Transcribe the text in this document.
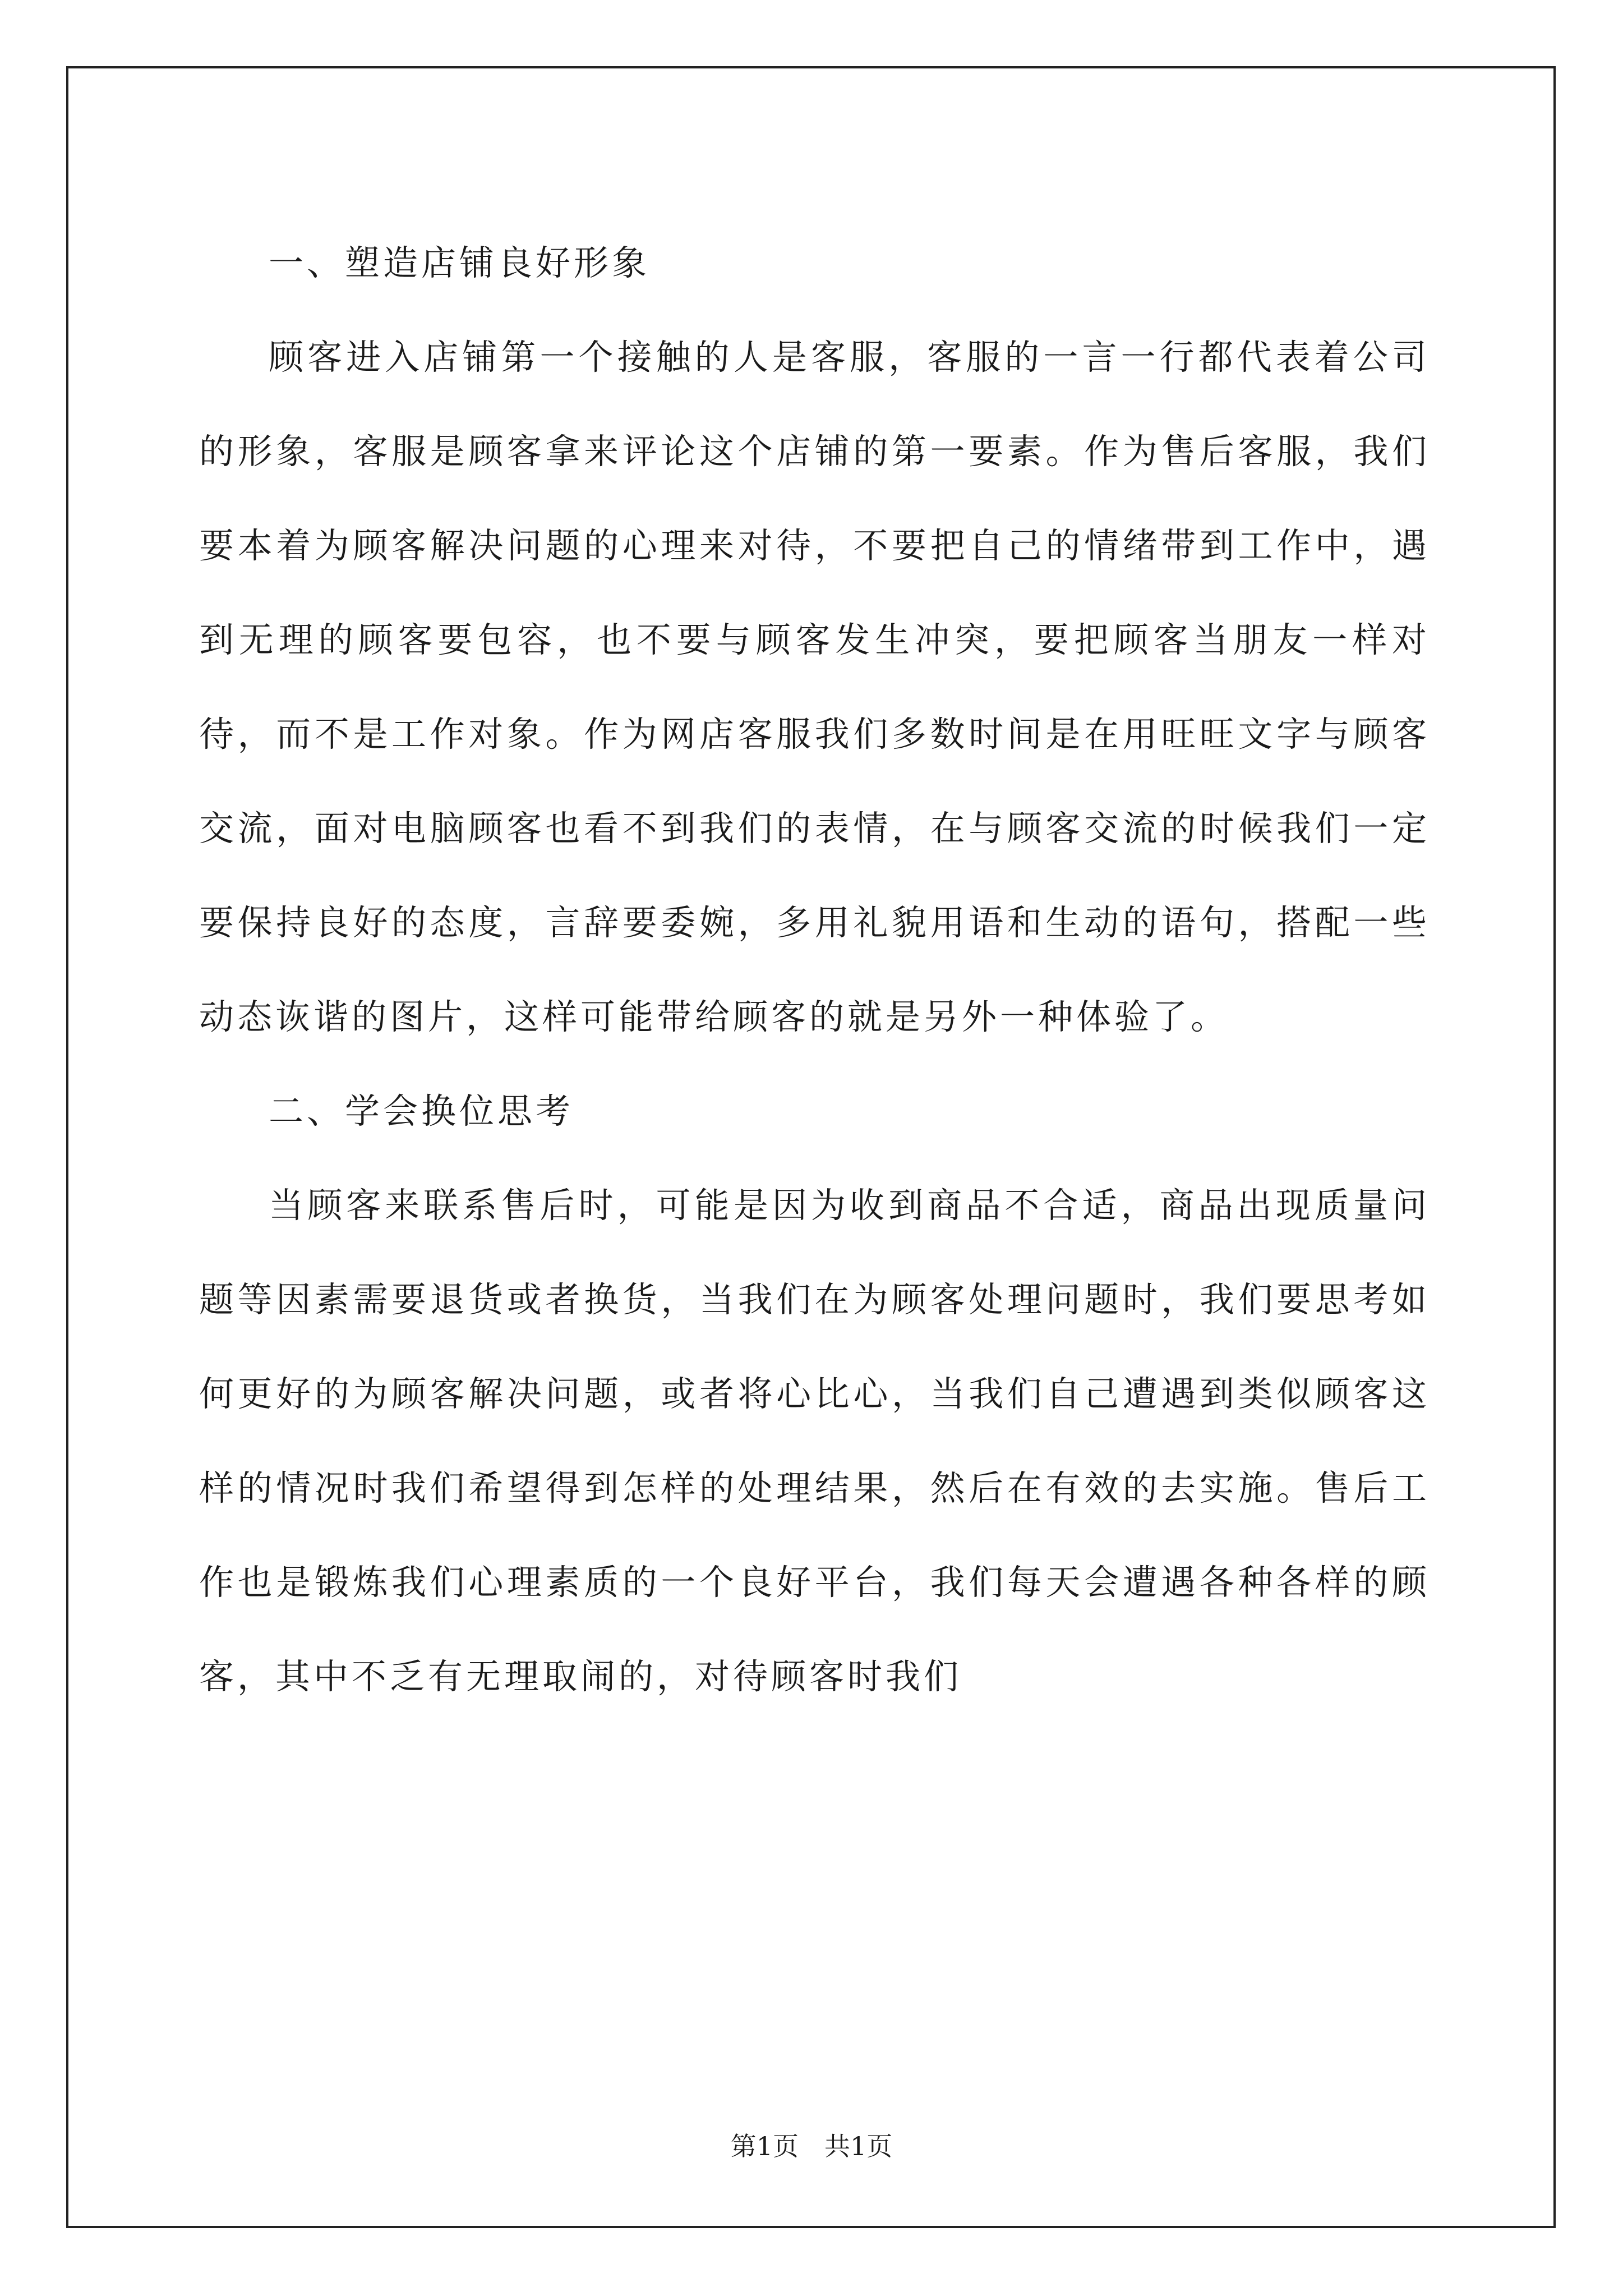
一、塑造店铺良好形象

顾客进入店铺第一个接触的人是客服，客服的一言一行都代表着公司的形象，客服是顾客拿来评论这个店铺的第一要素。作为售后客服，我们要本着为顾客解决问题的心理来对待，不要把自己的情绪带到工作中，遇到无理的顾客要包容，也不要与顾客发生冲突，要把顾客当朋友一样对待，而不是工作对象。作为网店客服我们多数时间是在用旺旺文字与顾客交流，面对电脑顾客也看不到我们的表情，在与顾客交流的时候我们一定要保持良好的态度，言辞要委婉，多用礼貌用语和生动的语句，搭配一些动态诙谐的图片，这样可能带给顾客的就是另外一种体验了。

二、学会换位思考

当顾客来联系售后时，可能是因为收到商品不合适，商品出现质量问题等因素需要退货或者换货，当我们在为顾客处理问题时，我们要思考如何更好的为顾客解决问题，或者将心比心，当我们自己遭遇到类似顾客这样的情况时我们希望得到怎样的处理结果，然后在有效的去实施。售后工作也是锻炼我们心理素质的一个良好平台，我们每天会遭遇各种各样的顾客，其中不乏有无理取闹的，对待顾客时我们

第1页　共1页
